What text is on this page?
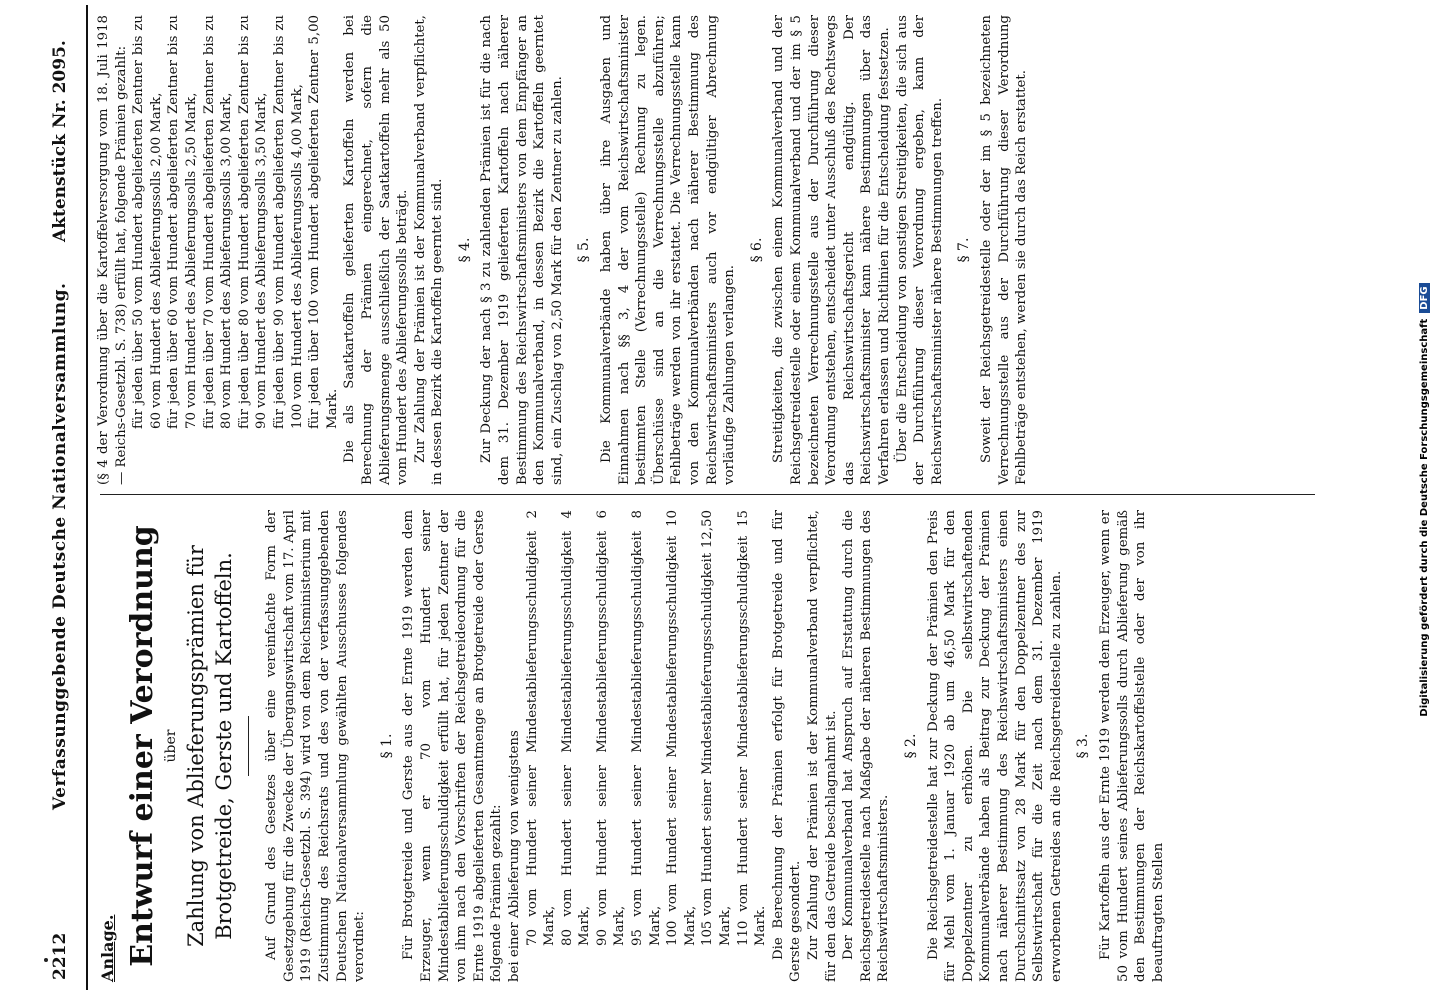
2212
Verfassunggebende Deutsche Nationalversammlung.
Aktenstück Nr. 2095.

Anlage. Entwurf einer Verordnung über Zahlung von Ablieferungsprämien für Brotgetreide, Gerste und Kartoffeln. Auf Grund des Gesetzes über eine vereinfachte Form der Gesetzgebung für die Zwecke der Übergangswirtschaft vom 17. April 1919 (Reichs-Gesetzbl. S. 394) wird von dem Reichsministerium mit Zustimmung des Reichsrats und des von der verfassunggebenden Deutschen Nationalversammlung gewählten Ausschusses folgendes verordnet:

§ 1. Für Brotgetreide und Gerste aus der Ernte 1919 werden dem Erzeuger, wenn er 70 vom Hundert seiner Mindestablieferungsschuldigkeit erfüllt hat, für jeden Zentner der von ihm nach den Vorschriften der Reichsgetreideordnung für die Ernte 1919 abgelieferten Gesamtmenge an Brotgetreide oder Gerste folgende Prämien gezahlt: bei einer Ablieferung von wenigstens 70 vom Hundert seiner Mindestablieferungsschuldigkeit 2 Mark, 80 vom Hundert seiner Mindestablieferungsschuldigkeit 4 Mark, 90 vom Hundert seiner Mindestablieferungsschuldigkeit 6 Mark, 95 vom Hundert seiner Mindestablieferungsschuldigkeit 8 Mark, 100 vom Hundert seiner Mindestablieferungsschuldigkeit 10 Mark, 105 vom Hundert seiner Mindestablieferungsschuldigkeit 12,50 Mark, 110 vom Hundert seiner Mindestablieferungsschuldigkeit 15 Mark. Die Berechnung der Prämien erfolgt für Brotgetreide und für Gerste gesondert. Zur Zahlung der Prämien ist der Kommunalverband verpflichtet, für den das Getreide beschlagnahmt ist. Der Kommunalverband hat Anspruch auf Erstattung durch die Reichsgetreidestelle nach Maßgabe der näheren Bestimmungen des Reichswirtschaftsministers.

§ 2. Die Reichsgetreidestelle hat zur Deckung der Prämien den Preis für Mehl vom 1. Januar 1920 ab um 46,50 Mark für den Doppelzentner zu erhöhen. Die selbstwirtschaftenden Kommunalverbände haben als Beitrag zur Deckung der Prämien nach näherer Bestimmung des Reichswirtschaftsministers einen Durchschnittssatz von 28 Mark für den Doppelzentner des zur Selbstwirtschaft für die Zeit nach dem 31. Dezember 1919 erworbenen Getreides an die Reichsgetreidestelle zu zahlen. § 3. Für Kartoffeln aus der Ernte 1919 werden dem Erzeuger, wenn er 50 vom Hundert seines Ablieferungssolls durch Ablieferung gemäß den Bestimmungen der Reichskartoffelstelle oder der von ihr beauftragten Stellen

(§ 4 der Verordnung über die Kartoffelversorgung vom 18. Juli 1918 — Reichs-Gesetzbl. S. 738) erfüllt hat, folgende Prämien gezahlt: für jeden über 50 vom Hundert abgelieferten Zentner bis zu 60 vom Hundert des Ablieferungssolls 2,00 Mark, für jeden über 60 vom Hundert abgelieferten Zentner bis zu 70 vom Hundert des Ablieferungssolls 2,50 Mark, für jeden über 70 vom Hundert abgelieferten Zentner bis zu 80 vom Hundert des Ablieferungssolls 3,00 Mark, für jeden über 80 vom Hundert abgelieferten Zentner bis zu 90 vom Hundert des Ablieferungssolls 3,50 Mark, für jeden über 90 vom Hundert abgelieferten Zentner bis zu 100 vom Hundert des Ablieferungssolls 4,00 Mark, für jeden über 100 vom Hundert abgelieferten Zentner 5,00 Mark. Die als Saatkartoffeln gelieferten Kartoffeln werden bei Berechnung der Prämien eingerechnet, sofern die Ablieferungsmenge ausschließlich der Saatkartoffeln mehr als 50 vom Hundert des Ablieferungssolls beträgt. Zur Zahlung der Prämien ist der Kommunalverband verpflichtet, in dessen Bezirk die Kartoffeln geerntet sind. § 4. Zur Deckung der nach § 3 zu zahlenden Prämien ist für die nach dem 31. Dezember 1919 gelieferten Kartoffeln nach näherer Bestimmung des Reichswirtschaftsministers von dem Empfänger an den Kommunalverband, in dessen Bezirk die Kartoffeln geerntet sind, ein Zuschlag von 2,50 Mark für den Zentner zu zahlen. § 5. Die Kommunalverbände haben über ihre Ausgaben und Einnahmen nach §§ 3, 4 der vom Reichswirtschaftsminister bestimmten Stelle (Verrechnungsstelle) Rechnung zu legen. Überschüsse sind an die Verrechnungsstelle abzuführen; Fehlbeträge werden von ihr erstattet. Die Verrechnungsstelle kann von den Kommunalverbänden nach näherer Bestimmung des Reichswirtschaftsministers auch vor endgültiger Abrechnung vorläufige Zahlungen verlangen.

§ 6. Streitigkeiten, die zwischen einem Kommunalverband und der Reichsgetreidestelle oder einem Kommunalverband und der im § 5 bezeichneten Verrechnungsstelle aus der Durchführung dieser Verordnung entstehen, entscheidet unter Ausschluß des Rechtswegs das Reichswirtschaftsgericht endgültig. Der Reichswirtschaftsminister kann nähere Bestimmungen über das Verfahren erlassen und Richtlinien für die Entscheidung festsetzen. Über die Entscheidung von sonstigen Streitigkeiten, die sich aus der Durchführung dieser Verordnung ergeben, kann der Reichswirtschaftsminister nähere Bestimmungen treffen. § 7. Soweit der Reichsgetreidestelle oder der im § 5 bezeichneten Verrechnungsstelle aus der Durchführung dieser Verordnung Fehlbeträge entstehen, werden sie durch das Reich erstattet.

Digitalisierung gefördert durch die Deutsche ForschungsgemeinschaftDFG
